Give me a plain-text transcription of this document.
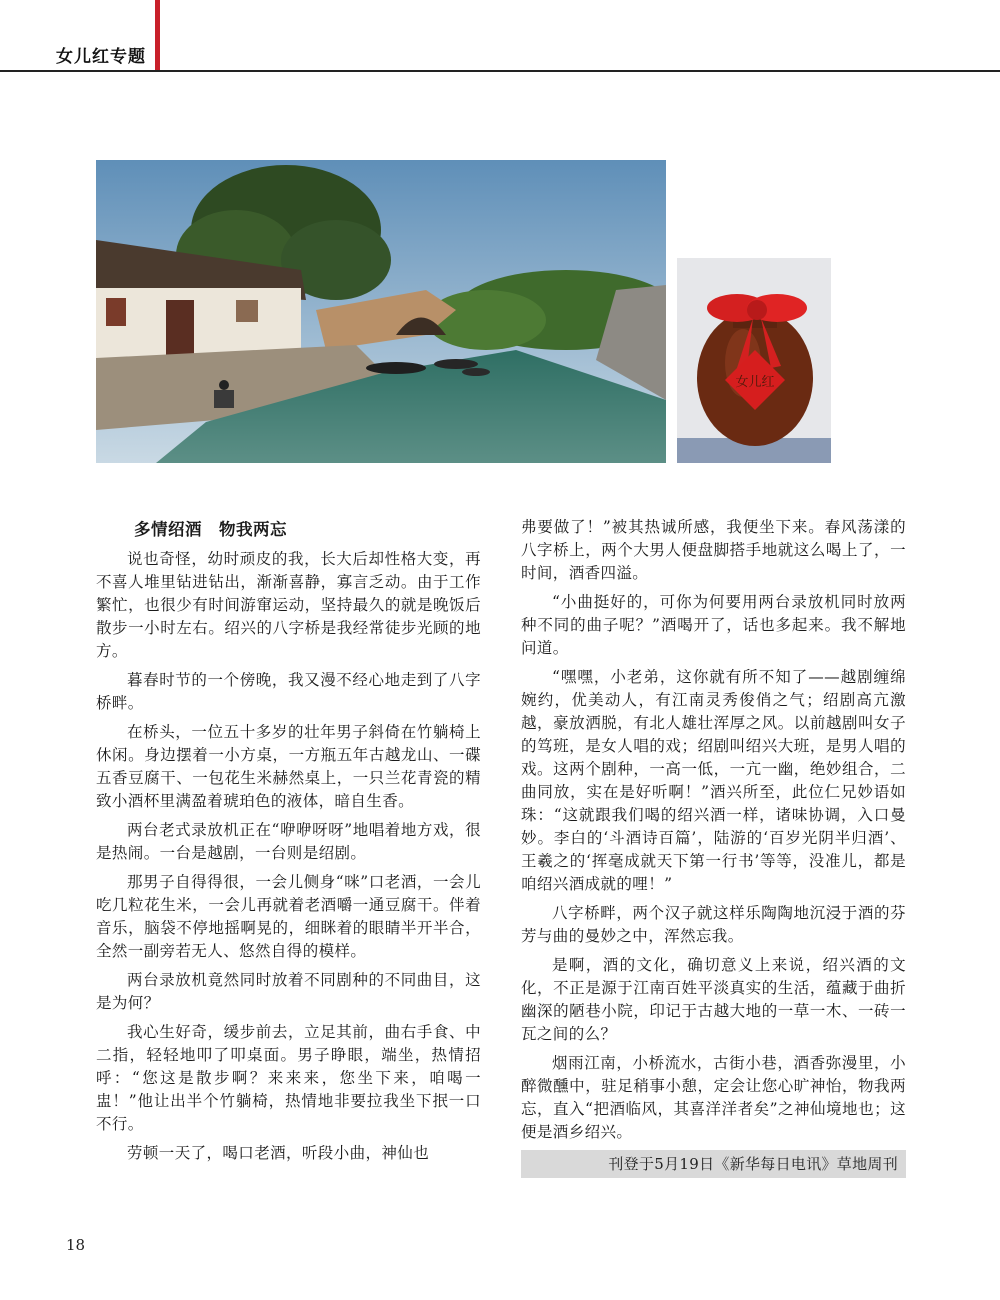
女儿红专题
女儿红
多情绍酒　物我两忘

说也奇怪，幼时顽皮的我，长大后却性格大变，再不喜人堆里钻进钻出，渐渐喜静，寡言乏动。由于工作繁忙，也很少有时间游窜运动，坚持最久的就是晚饭后散步一小时左右。绍兴的八字桥是我经常徒步光顾的地方。

暮春时节的一个傍晚，我又漫不经心地走到了八字桥畔。

在桥头，一位五十多岁的壮年男子斜倚在竹躺椅上休闲。身边摆着一小方桌，一方瓶五年古越龙山、一碟五香豆腐干、一包花生米赫然桌上，一只兰花青瓷的精致小酒杯里满盈着琥珀色的液体，暗自生香。

两台老式录放机正在“咿咿呀呀”地唱着地方戏，很是热闹。一台是越剧，一台则是绍剧。

那男子自得得很，一会儿侧身“咪”口老酒，一会儿吃几粒花生米，一会儿再就着老酒嚼一通豆腐干。伴着音乐，脑袋不停地摇啊晃的，细眯着的眼睛半开半合，全然一副旁若无人、悠然自得的模样。

两台录放机竟然同时放着不同剧种的不同曲目，这是为何？

我心生好奇，缓步前去，立足其前，曲右手食、中二指，轻轻地叩了叩桌面。男子睁眼，端坐，热情招呼：“您这是散步啊？来来来，您坐下来，咱喝一盅！”他让出半个竹躺椅，热情地非要拉我坐下抿一口不行。

劳顿一天了，喝口老酒，听段小曲，神仙也

弗要做了！”被其热诚所感，我便坐下来。春风荡漾的八字桥上，两个大男人便盘脚搭手地就这么喝上了，一时间，酒香四溢。

“小曲挺好的，可你为何要用两台录放机同时放两种不同的曲子呢？”酒喝开了，话也多起来。我不解地问道。

“嘿嘿，小老弟，这你就有所不知了——越剧缠绵婉约，优美动人，有江南灵秀俊俏之气；绍剧高亢激越，豪放洒脱，有北人雄壮浑厚之风。以前越剧叫女子的笃班，是女人唱的戏；绍剧叫绍兴大班，是男人唱的戏。这两个剧种，一高一低，一亢一幽，绝妙组合，二曲同放，实在是好听啊！”酒兴所至，此位仁兄妙语如珠：“这就跟我们喝的绍兴酒一样，诸味协调，入口曼妙。李白的‘斗酒诗百篇’，陆游的‘百岁光阴半归酒’、王羲之的‘挥毫成就天下第一行书’等等，没准儿，都是咱绍兴酒成就的哩！”

八字桥畔，两个汉子就这样乐陶陶地沉浸于酒的芬芳与曲的曼妙之中，浑然忘我。

是啊，酒的文化，确切意义上来说，绍兴酒的文化，不正是源于江南百姓平淡真实的生活，蕴藏于曲折幽深的陋巷小院，印记于古越大地的一草一木、一砖一瓦之间的么？

烟雨江南，小桥流水，古街小巷，酒香弥漫里，小醉微醺中，驻足稍事小憩，定会让您心旷神怡，物我两忘，直入“把酒临风，其喜洋洋者矣”之神仙境地也；这便是酒乡绍兴。

刊登于5月19日《新华每日电讯》草地周刊
18
